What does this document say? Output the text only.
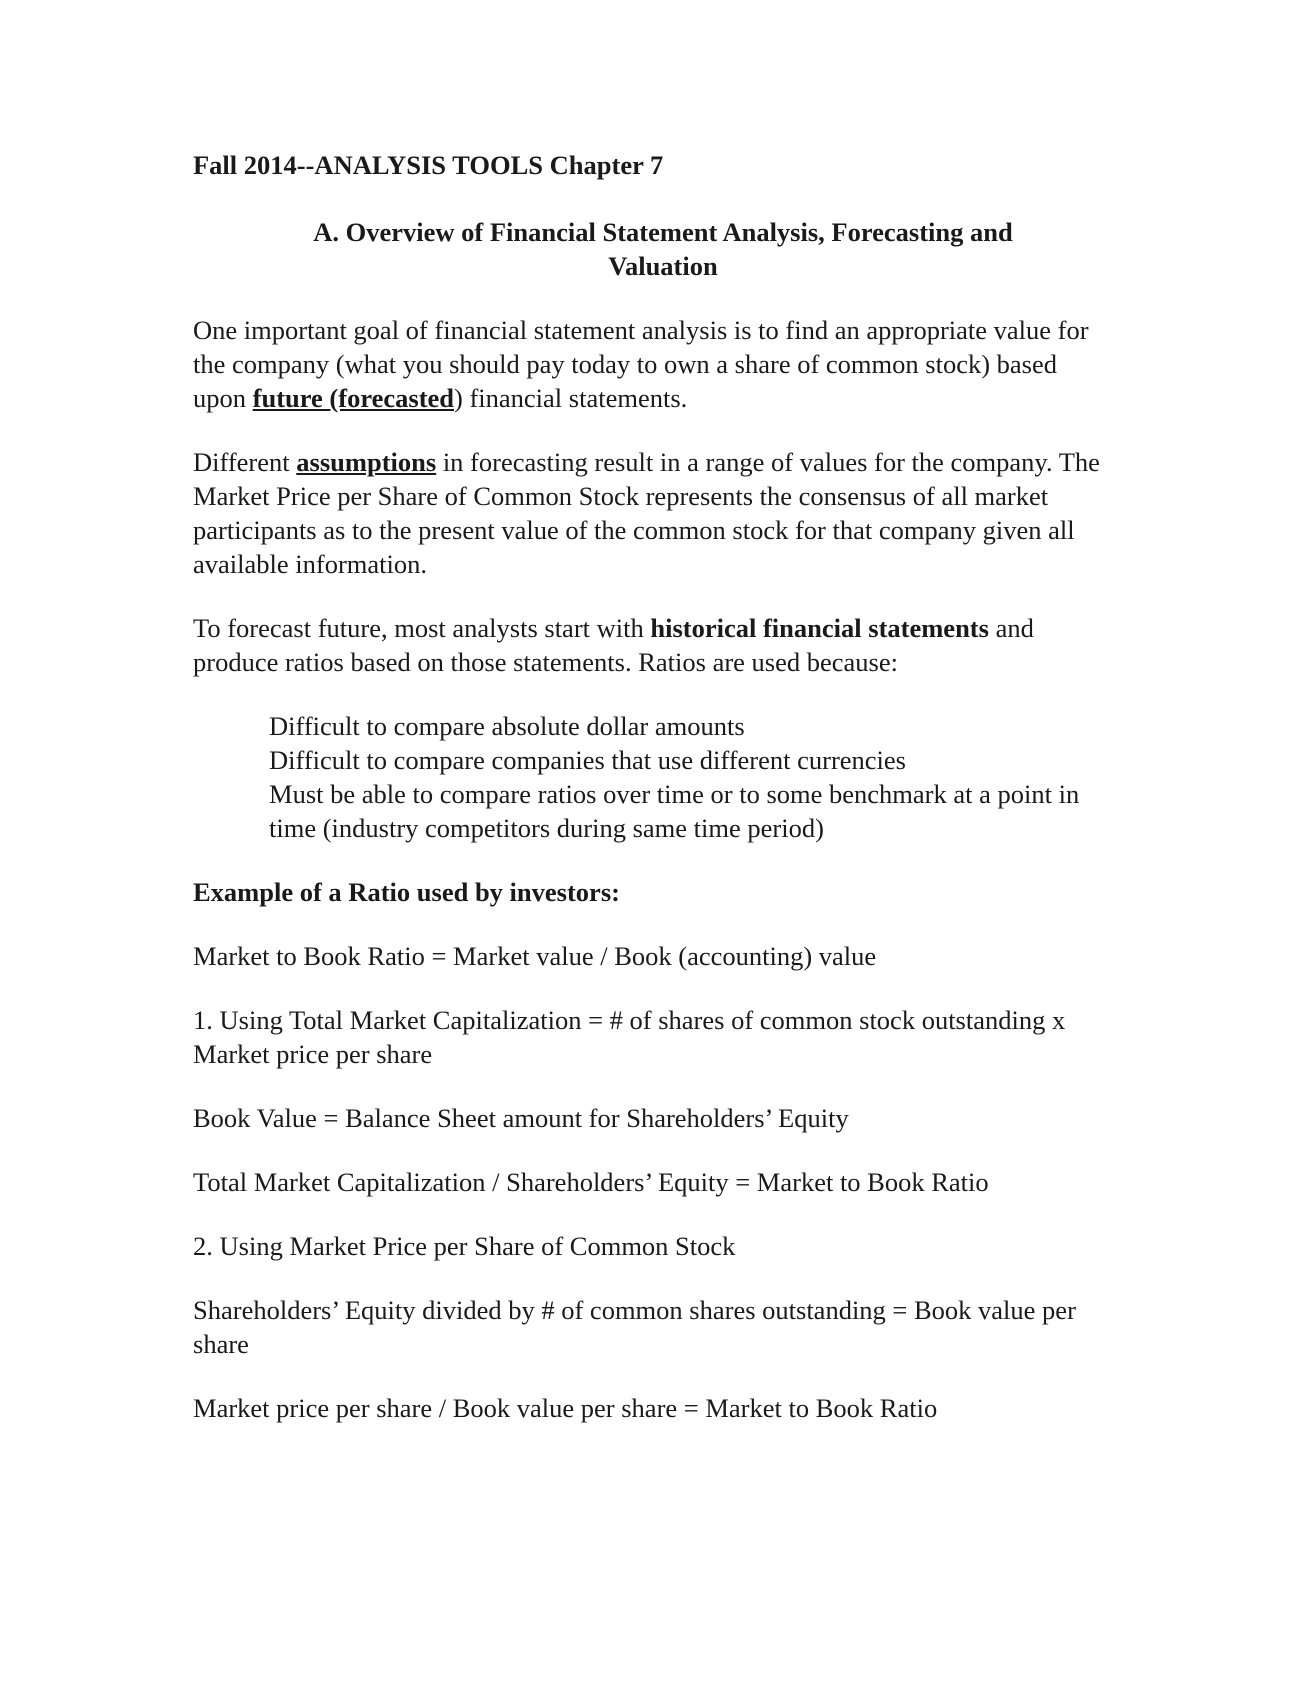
Fall 2014--ANALYSIS TOOLS Chapter 7
A. Overview of Financial Statement Analysis, Forecasting and
Valuation

One important goal of financial statement analysis is to find an appropriate value for the company (what you should pay today to own a share of common stock) based upon future (forecasted) financial statements.

Different assumptions in forecasting result in a range of values for the company. The Market Price per Share of Common Stock represents the consensus of all market participants as to the present value of the common stock for that company given all available information.

To forecast future, most analysts start with historical financial statements and produce ratios based on those statements. Ratios are used because:

Difficult to compare absolute dollar amounts
Difficult to compare companies that use different currencies
Must be able to compare ratios over time or to some benchmark at a point in time (industry competitors during same time period)

Example of a Ratio used by investors:

Market to Book Ratio = Market value / Book (accounting) value

1. Using Total Market Capitalization = # of shares of common stock outstanding x Market price per share

Book Value = Balance Sheet amount for Shareholders’ Equity

Total Market Capitalization / Shareholders’ Equity = Market to Book Ratio

2. Using Market Price per Share of Common Stock

Shareholders’ Equity divided by # of common shares outstanding = Book value per share

Market price per share / Book value per share = Market to Book Ratio
